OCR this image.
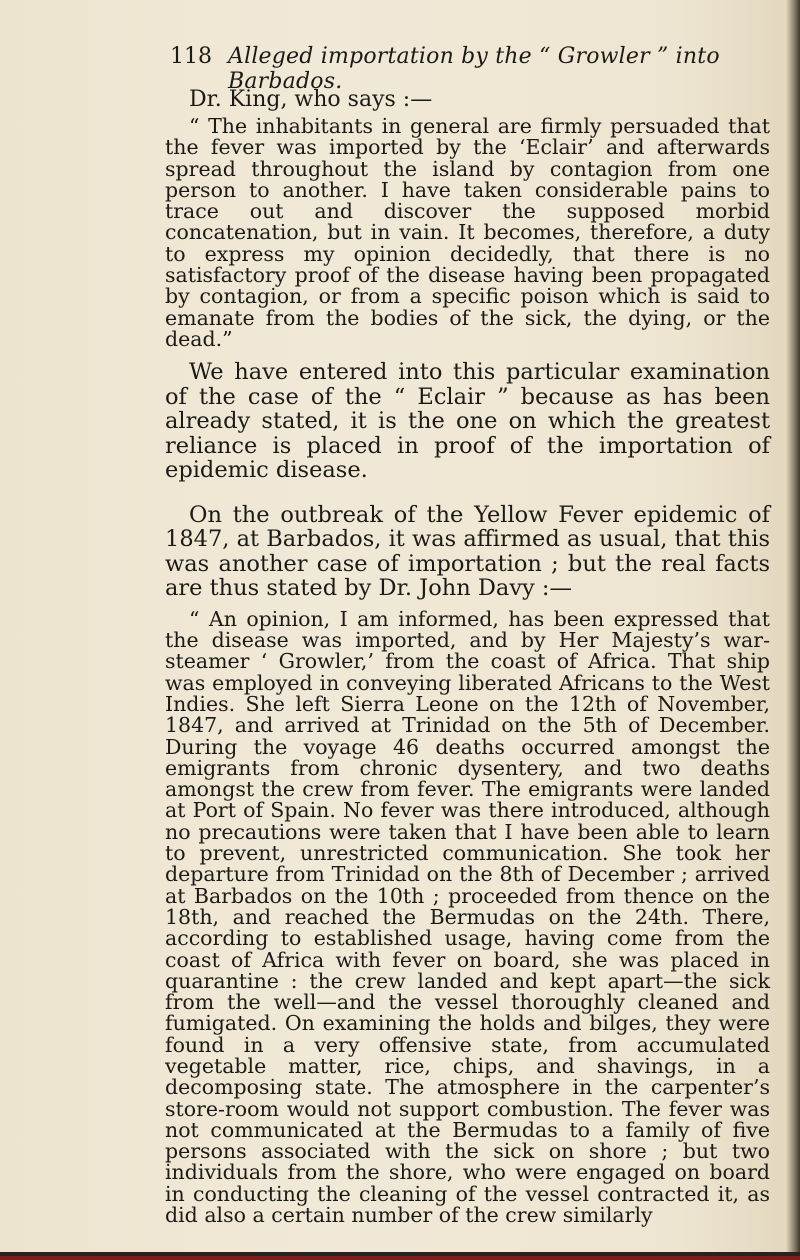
118 Alleged importation by the “ Growler ” into Barbados.

Dr. King, who says :—

“ The inhabitants in general are firmly persuaded that the fever was imported by the ‘Eclair’ and afterwards spread throughout the island by contagion from one person to another. I have taken considerable pains to trace out and discover the supposed morbid concatenation, but in vain. It becomes, therefore, a duty to express my opinion decidedly, that there is no satisfactory proof of the disease having been propagated by contagion, or from a specific poison which is said to emanate from the bodies of the sick, the dying, or the dead.”

We have entered into this particular examination of the case of the “ Eclair ” because as has been already stated, it is the one on which the greatest reliance is placed in proof of the importation of epidemic disease.

On the outbreak of the Yellow Fever epidemic of 1847, at Barbados, it was affirmed as usual, that this was another case of importation ; but the real facts are thus stated by Dr. John Davy :—

“ An opinion, I am informed, has been expressed that the disease was imported, and by Her Majesty’s war-steamer ‘ Growler,’ from the coast of Africa. That ship was employed in conveying liberated Africans to the West Indies. She left Sierra Leone on the 12th of November, 1847, and arrived at Trinidad on the 5th of December. During the voyage 46 deaths occurred amongst the emigrants from chronic dysentery, and two deaths amongst the crew from fever. The emigrants were landed at Port of Spain. No fever was there introduced, although no precautions were taken that I have been able to learn to prevent, unrestricted communication. She took her departure from Trinidad on the 8th of December ; arrived at Barbados on the 10th ; proceeded from thence on the 18th, and reached the Bermudas on the 24th. There, according to established usage, having come from the coast of Africa with fever on board, she was placed in quarantine : the crew landed and kept apart—the sick from the well—and the vessel thoroughly cleaned and fumigated. On examining the holds and bilges, they were found in a very offensive state, from accumulated vegetable matter, rice, chips, and shavings, in a decomposing state. The atmosphere in the carpenter’s store-room would not support combustion. The fever was not communicated at the Bermudas to a family of five persons associated with the sick on shore ; but two individuals from the shore, who were engaged on board in conducting the cleaning of the vessel contracted it, as did also a certain number of the crew similarly
